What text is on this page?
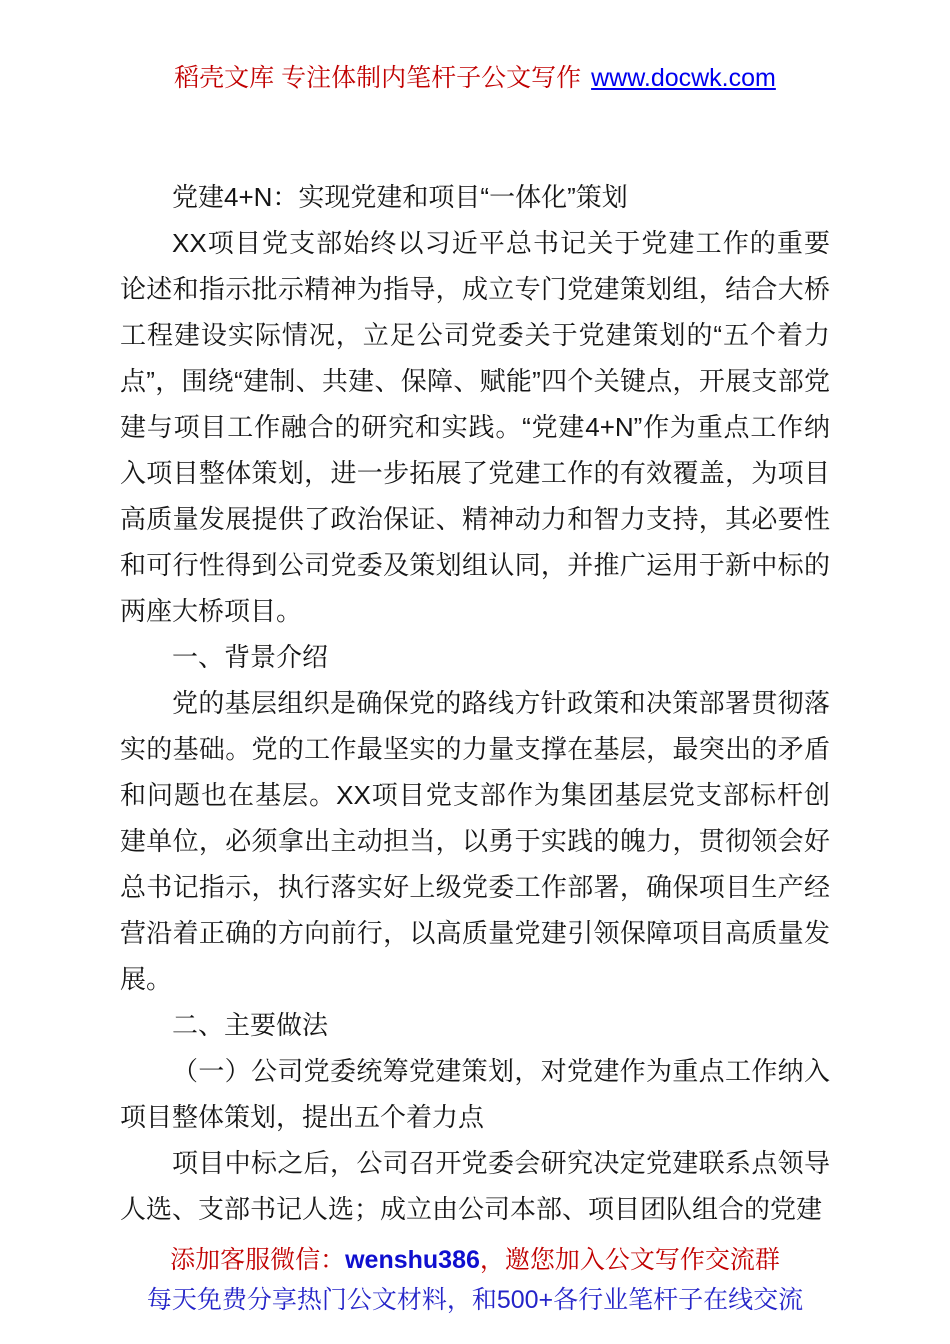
稻壳文库 专注体制内笔杆子公文写作 www.docwk.com

党建4+N：实现党建和项目“一体化”策划

XX项目党支部始终以习近平总书记关于党建工作的重要论述和指示批示精神为指导，成立专门党建策划组，结合大桥工程建设实际情况，立足公司党委关于党建策划的“五个着力点”，围绕“建制、共建、保障、赋能”四个关键点，开展支部党建与项目工作融合的研究和实践。“党建4+N”作为重点工作纳入项目整体策划，进一步拓展了党建工作的有效覆盖，为项目高质量发展提供了政治保证、精神动力和智力支持，其必要性和可行性得到公司党委及策划组认同，并推广运用于新中标的两座大桥项目。

一、背景介绍

党的基层组织是确保党的路线方针政策和决策部署贯彻落实的基础。党的工作最坚实的力量支撑在基层，最突出的矛盾和问题也在基层。XX项目党支部作为集团基层党支部标杆创建单位，必须拿出主动担当，以勇于实践的魄力，贯彻领会好总书记指示，执行落实好上级党委工作部署，确保项目生产经营沿着正确的方向前行，以高质量党建引领保障项目高质量发展。

二、主要做法

（一）公司党委统筹党建策划，对党建作为重点工作纳入项目整体策划，提出五个着力点

项目中标之后，公司召开党委会研究决定党建联系点领导人选、支部书记人选；成立由公司本部、项目团队组合的党建

添加客服微信：wenshu386，邀您加入公文写作交流群
每天免费分享热门公文材料，和500+各行业笔杆子在线交流
